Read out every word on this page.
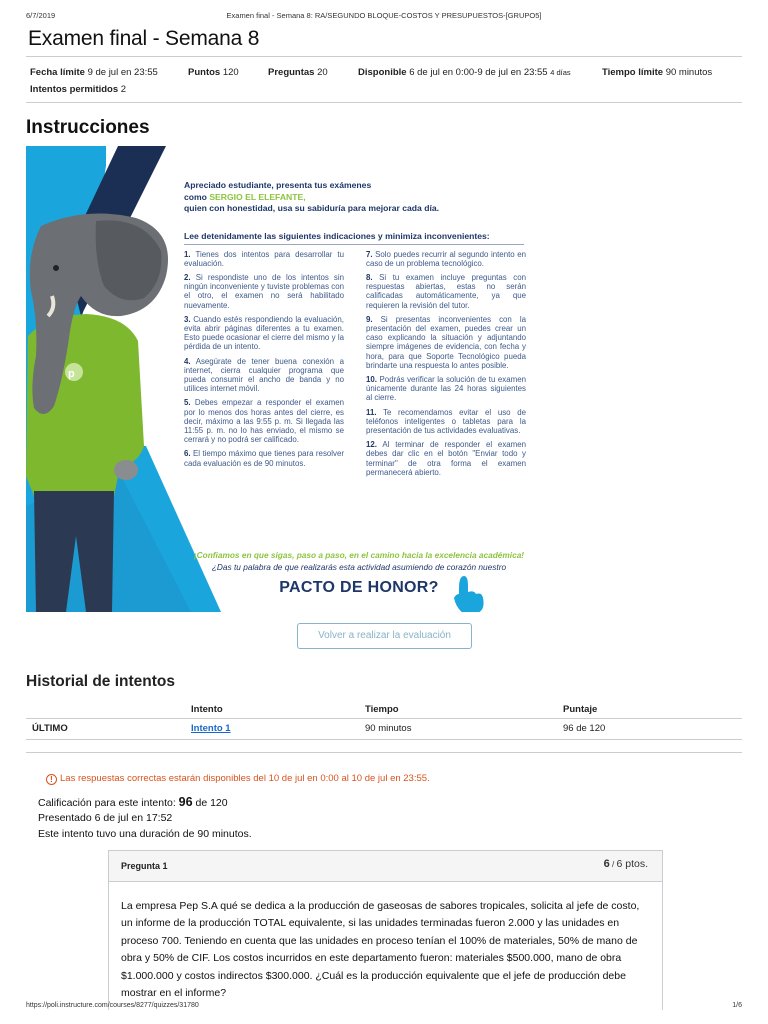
6/7/2019	Examen final - Semana 8: RA/SEGUNDO BLOQUE-COSTOS Y PRESUPUESTOS-[GRUPO5]
Examen final - Semana 8
Fecha límite 9 de jul en 23:55	Puntos 120	Preguntas 20	Disponible 6 de jul en 0:00-9 de jul en 23:55 4 días	Tiempo límite 90 minutos
Intentos permitidos 2
Instrucciones
p
Apreciado estudiante, presenta tus exámenes
como SERGIO EL ELEFANTE,
quien con honestidad, usa su sabiduría para mejorar cada día.
Lee detenidamente las siguientes indicaciones y minimiza inconvenientes:

1. Tienes dos intentos para desarrollar tu evaluación.

2. Si respondiste uno de los intentos sin ningún inconveniente y tuviste problemas con el otro, el examen no será habilitado nuevamente.

3. Cuando estés respondiendo la evaluación, evita abrir páginas diferentes a tu examen. Esto puede ocasionar el cierre del mismo y la pérdida de un intento.

4. Asegúrate de tener buena conexión a internet, cierra cualquier programa que pueda consumir el ancho de banda y no utilices internet móvil.

5. Debes empezar a responder el examen por lo menos dos horas antes del cierre, es decir, máximo a las 9:55 p. m. Si llegada las 11:55 p. m. no lo has enviado, el mismo se cerrará y no podrá ser calificado.

6. El tiempo máximo que tienes para resolver cada evaluación es de 90 minutos.

7. Solo puedes recurrir al segundo intento en caso de un problema tecnológico.

8. Si tu examen incluye preguntas con respuestas abiertas, estas no serán calificadas automáticamente, ya que requieren la revisión del tutor.

9. Si presentas inconvenientes con la presentación del examen, puedes crear un caso explicando la situación y adjuntando siempre imágenes de evidencia, con fecha y hora, para que Soporte Tecnológico pueda brindarte una respuesta lo antes posible.

10. Podrás verificar la solución de tu examen únicamente durante las 24 horas siguientes al cierre.

11. Te recomendamos evitar el uso de teléfonos inteligentes o tabletas para la presentación de tus actividades evaluativas.

12. Al terminar de responder el examen debes dar clic en el botón "Enviar todo y terminar" de otra forma el examen permanecerá abierto.

¡Confiamos en que sigas, paso a paso, en el camino hacia la excelencia académica!
¿Das tu palabra de que realizarás esta actividad asumiendo de corazón nuestro
PACTO DE HONOR?
Volver a realizar la evaluación
Historial de intentos
	Intento	Tiempo	Puntaje
ÚLTIMO	Intento 1	90 minutos	96 de 120
! Las respuestas correctas estarán disponibles del 10 de jul en 0:00 al 10 de jul en 23:55.
Calificación para este intento: 96 de 120
Presentado 6 de jul en 17:52
Este intento tuvo una duración de 90 minutos.
Pregunta 1	6 / 6 ptos.

La empresa Pep S.A qué se dedica a la producción de gaseosas de sabores tropicales, solicita al jefe de costo, un informe de la producción TOTAL equivalente, si las unidades terminadas fueron 2.000 y las unidades en proceso 700. Teniendo en cuenta que las unidades en proceso tenían el 100% de materiales, 50% de mano de obra y 50% de CIF. Los costos incurridos en este departamento fueron: materiales $500.000, mano de obra $1.000.000 y costos indirectos $300.000. ¿Cuál es la producción equivalente que el jefe de producción debe mostrar en el informe?

https://poli.instructure.com/courses/8277/quizzes/31780	1/6
